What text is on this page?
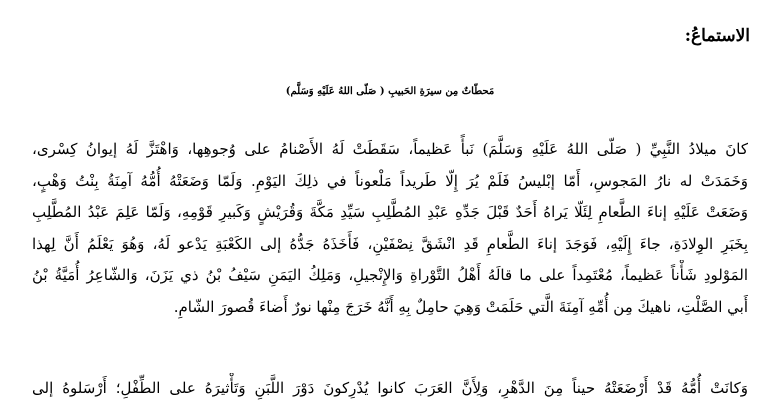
الاستماعُ:
مَحطّاتٌ مِن سيرَةِ الحَبيبِ ( صَلّى اللهُ عَلَيْهِ وَسَلَّم)
كانَ ميلادُ النَّبِيِّ ( صَلّى اللهُ عَلَيْهِ وَسَلَّمَ) نَبأً عَظيماً، سَقَطَتْ لَهُ الأَصْنامُ على وُجوهِها، وَاهْتَزَّ لَهُ إيوانُ كِسْرى،
وَخَمَدَتْ له نارُ المَجوسِ، أَمّا إبْليسُ فَلَمْ يُرَ إِلّا طَريداً مَلْعوناً في ذلِكَ اليَوْمِ. وَلَمّا وَضَعَتْهُ أُمُّهُ آمِنَةُ بِنْتُ وَهْبٍ،
وَضَعَتْ عَلَيْهِ إناءَ الطَّعامِ لِئَلّا يَراهُ أَحَدٌ قَبْلَ جَدِّهِ عَبْدِ المُطَّلِبِ سَيِّدِ مَكَّةَ وَقُرَيْشٍ وَكَبيرِ قَوْمِهِ، وَلَمّا عَلِمَ عَبْدُ المُطَّلِبِ
بِخَبَرِ الوِلادَةِ، جاءَ إِلَيْهِ، فَوَجَدَ إناءَ الطَّعامِ قَدِ انْشَقَّ نِصْفَيْنِ، فَأَخَذَهُ جَدُّهُ إلى الكَعْبَةِ يَدْعو لَهُ، وَهُوَ يَعْلَمُ أَنَّ لِهذا
المَوْلودِ شَأْناً عَظيماً، مُعْتَمِداً على ما قالَهُ أَهْلُ التَّوْراةِ وَالإِنْجيلِ، وَمَلِكُ اليَمَنِ سَيْفُ بْنُ ذي يَزَنَ، وَالشّاعِرُ أُمَيَّةُ بْنُ
أَبي الصَّلْتِ، ناهيكَ مِن أُمِّهِ آمِنَةَ الَّتي حَلَمَتْ وَهِيَ حامِلٌ بِهِ أَنَّهُ خَرَجَ مِنْها نورٌ أَضاءَ قُصورَ الشّامِ.
وَكانَتْ أُمُّهُ قَدْ أَرْضَعَتْهُ حيناً مِنَ الدَّهْرِ، وَلِأَنَّ العَرَبَ كانوا يُدْرِكونَ دَوْرَ اللَّبَنِ وَتَأْثيرَهُ على الطِّفْلِ؛ أَرْسَلوهُ إلى
